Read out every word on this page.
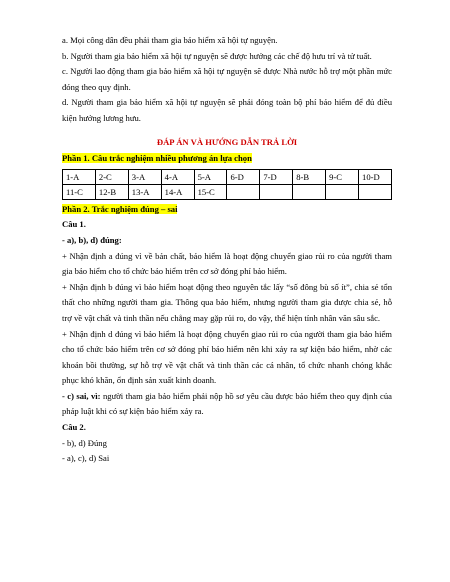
a. Mọi công dân đều phải tham gia bảo hiểm xã hội tự nguyện.

b. Người tham gia bảo hiểm xã hội tự nguyện sẽ được hưởng các chế độ hưu trí và tử tuất.

c. Người lao động tham gia bảo hiểm xã hội tự nguyện sẽ được Nhà nước hỗ trợ một phần mức đóng theo quy định.

d. Người tham gia bảo hiểm xã hội tự nguyện sẽ phải đóng toàn bộ phí bảo hiểm để đủ điều kiện hưởng lương hưu.

ĐÁP ÁN VÀ HƯỚNG DẪN TRẢ LỜI

Phần 1. Câu trắc nghiệm nhiều phương án lựa chọn

1-A	2-C	3-A	4-A	5-A	6-D	7-D	8-B	9-C	10-D
11-C	12-B	13-A	14-A	15-C					

Phần 2. Trắc nghiệm đúng – sai

Câu 1.

- a), b), d) đúng:

+ Nhận định a đúng vì về bản chất, bảo hiểm là hoạt động chuyển giao rủi ro của người tham gia bảo hiểm cho tổ chức bảo hiểm trên cơ sở đóng phí bảo hiểm.

+ Nhận định b đúng vì bảo hiểm hoạt động theo nguyên tắc lấy “số đông bù số ít”, chia sẻ tổn thất cho những người tham gia. Thông qua bảo hiểm, nhưng người tham gia được chia sẻ, hỗ trợ về vật chất và tinh thần nếu chẳng may gặp rủi ro, do vậy, thể hiện tính nhân văn sâu sắc.

+ Nhận định d đúng vì bảo hiểm là hoạt động chuyển giao rủi ro của người tham gia bảo hiểm cho tổ chức bảo hiểm trên cơ sở đóng phí bảo hiểm nên khi xảy ra sự kiện bảo hiểm, nhờ các khoản bồi thường, sự hỗ trợ về vật chất và tinh thần các cá nhân, tổ chức nhanh chóng khắc phục khó khăn, ổn định sản xuất kinh doanh.

- c) sai, vì: người tham gia bảo hiểm phải nộp hồ sơ yêu cầu được bảo hiểm theo quy định của pháp luật khi có sự kiện bảo hiểm xảy ra.

Câu 2.

- b), d) Đúng

- a), c), d) Sai
